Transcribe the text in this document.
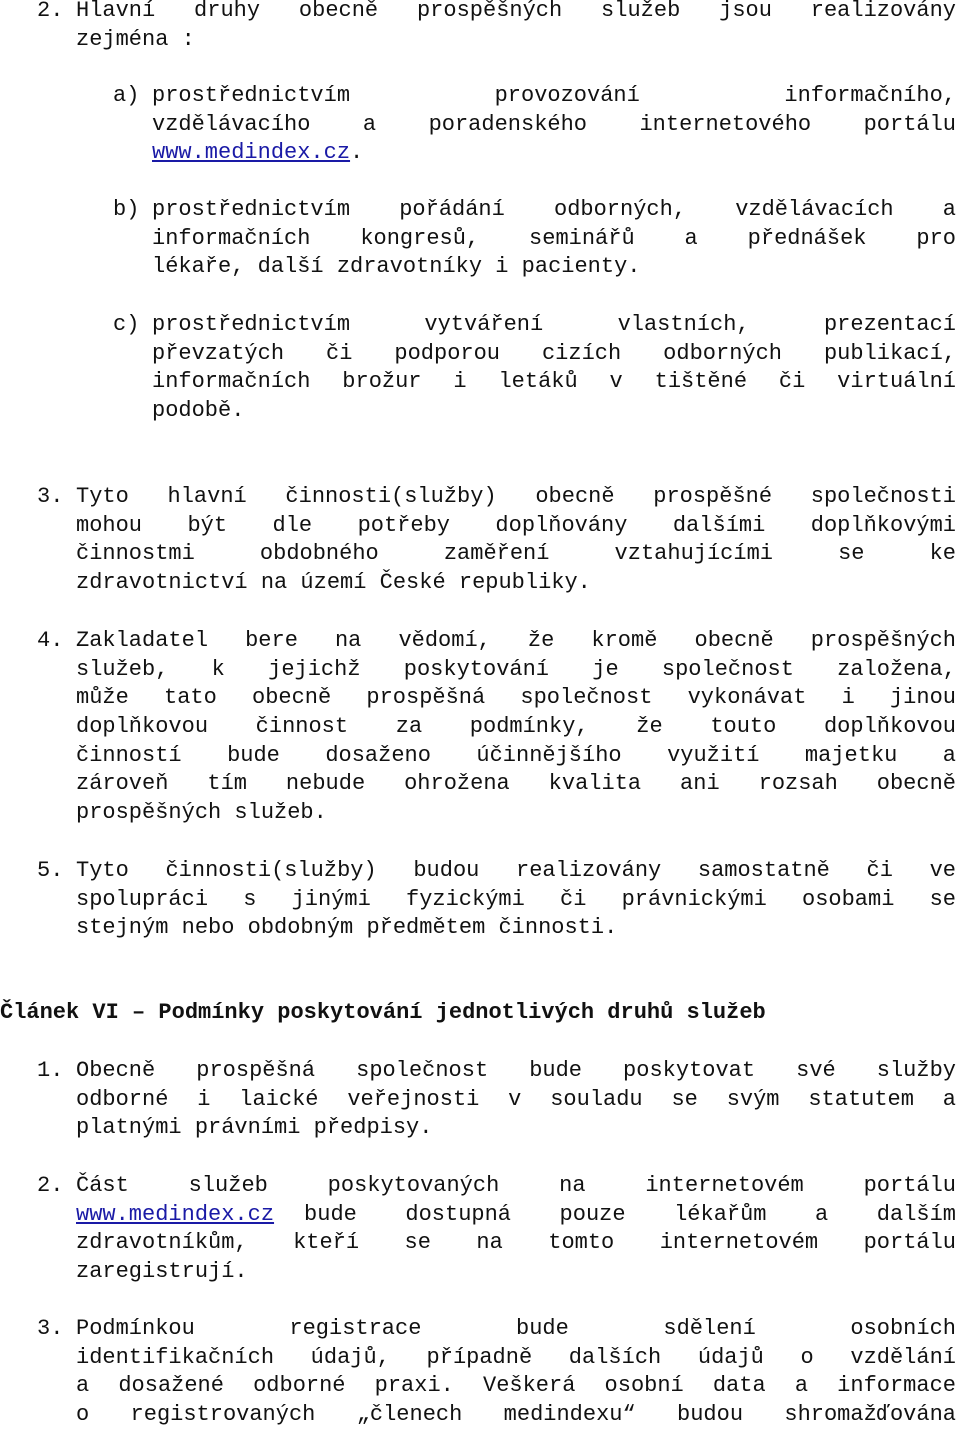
2. Hlavní druhy obecně prospěšných služeb jsou realizovány
zejména :
a) prostřednictvím provozování informačního,
vzdělávacího a poradenského internetového portálu
www.medindex.cz.
b) prostřednictvím pořádání odborných, vzdělávacích a
informačních kongresů, seminářů a přednášek pro
lékaře, další zdravotníky i pacienty.
c) prostřednictvím vytváření vlastních, prezentací
převzatých či podporou cizích odborných publikací,
informačních brožur i letáků v tištěné či virtuální
podobě.
3. Tyto hlavní činnosti(služby) obecně prospěšné společnosti
mohou být dle potřeby doplňovány dalšími doplňkovými
činnostmi obdobného zaměření vztahujícími se ke
zdravotnictví na území České republiky.
4. Zakladatel bere na vědomí, že kromě obecně prospěšných
služeb, k jejichž poskytování je společnost založena,
může tato obecně prospěšná společnost vykonávat i jinou
doplňkovou činnost za podmínky, že touto doplňkovou
činností bude dosaženo účinnějšího využití majetku a
zároveň tím nebude ohrožena kvalita ani rozsah obecně
prospěšných služeb.
5. Tyto činnosti(služby) budou realizovány samostatně či ve
spolupráci s jinými fyzickými či právnickými osobami se
stejným nebo obdobným předmětem činnosti.
Článek VI – Podmínky poskytování jednotlivých druhů služeb
1. Obecně prospěšná společnost bude poskytovat své služby
odborné i laické veřejnosti v souladu se svým statutem a
platnými právními předpisy.
2. Část služeb poskytovaných na internetovém portálu
www.medindex.cz bude dostupná pouze lékařům a dalším
zdravotníkům, kteří se na tomto internetovém portálu
zaregistrují.
3. Podmínkou registrace bude sdělení osobních
identifikačních údajů, případně dalších údajů o vzdělání
a dosažené odborné praxi. Veškerá osobní data a informace
o registrovaných „členech medindexu“ budou shromažďována
